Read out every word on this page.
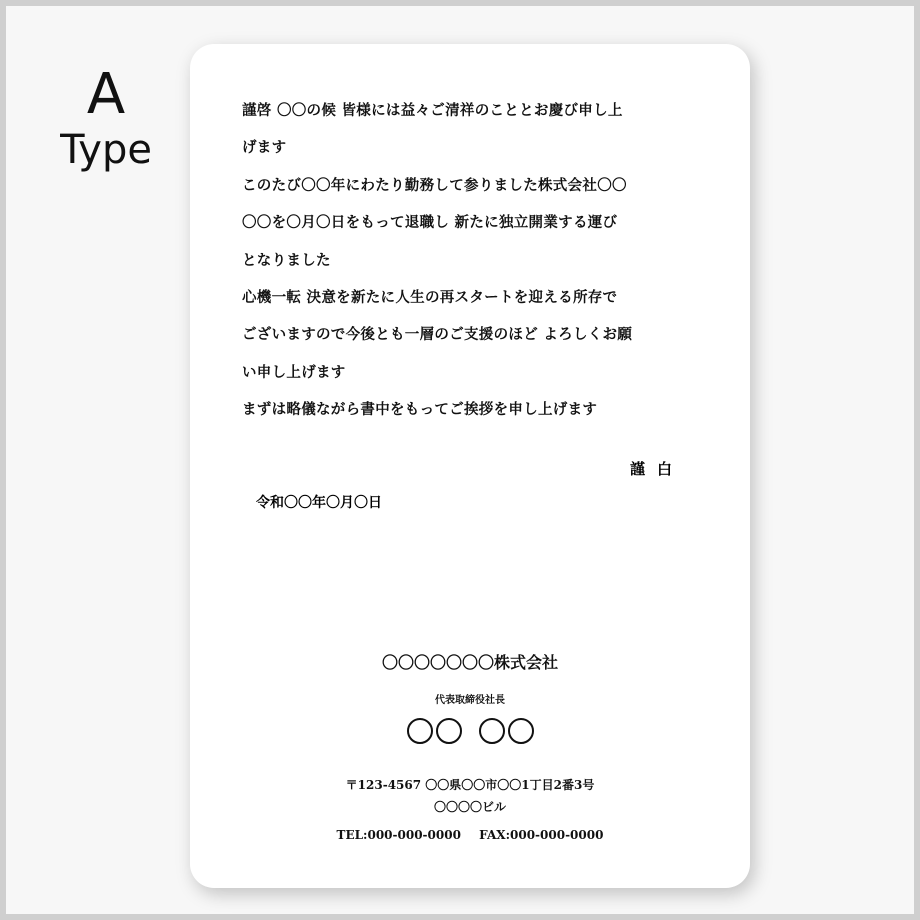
A
Type
謹啓 〇〇の候 皆様には益々ご清祥のこととお慶び申し上
げます
このたび〇〇年にわたり勤務して参りました株式会社〇〇
〇〇を〇月〇日をもって退職し 新たに独立開業する運び
となりました
心機一転 決意を新たに人生の再スタートを迎える所存で
ございますので今後とも一層のご支援のほど よろしくお願
い申し上げます
まずは略儀ながら書中をもってご挨拶を申し上げます
謹白
令和〇〇年〇月〇日
〇〇〇〇〇〇〇株式会社
代表取締役社長
〒123-4567 〇〇県〇〇市〇〇1丁目2番3号
〇〇〇〇ビル
TEL:000-000-0000 FAX:000-000-0000
